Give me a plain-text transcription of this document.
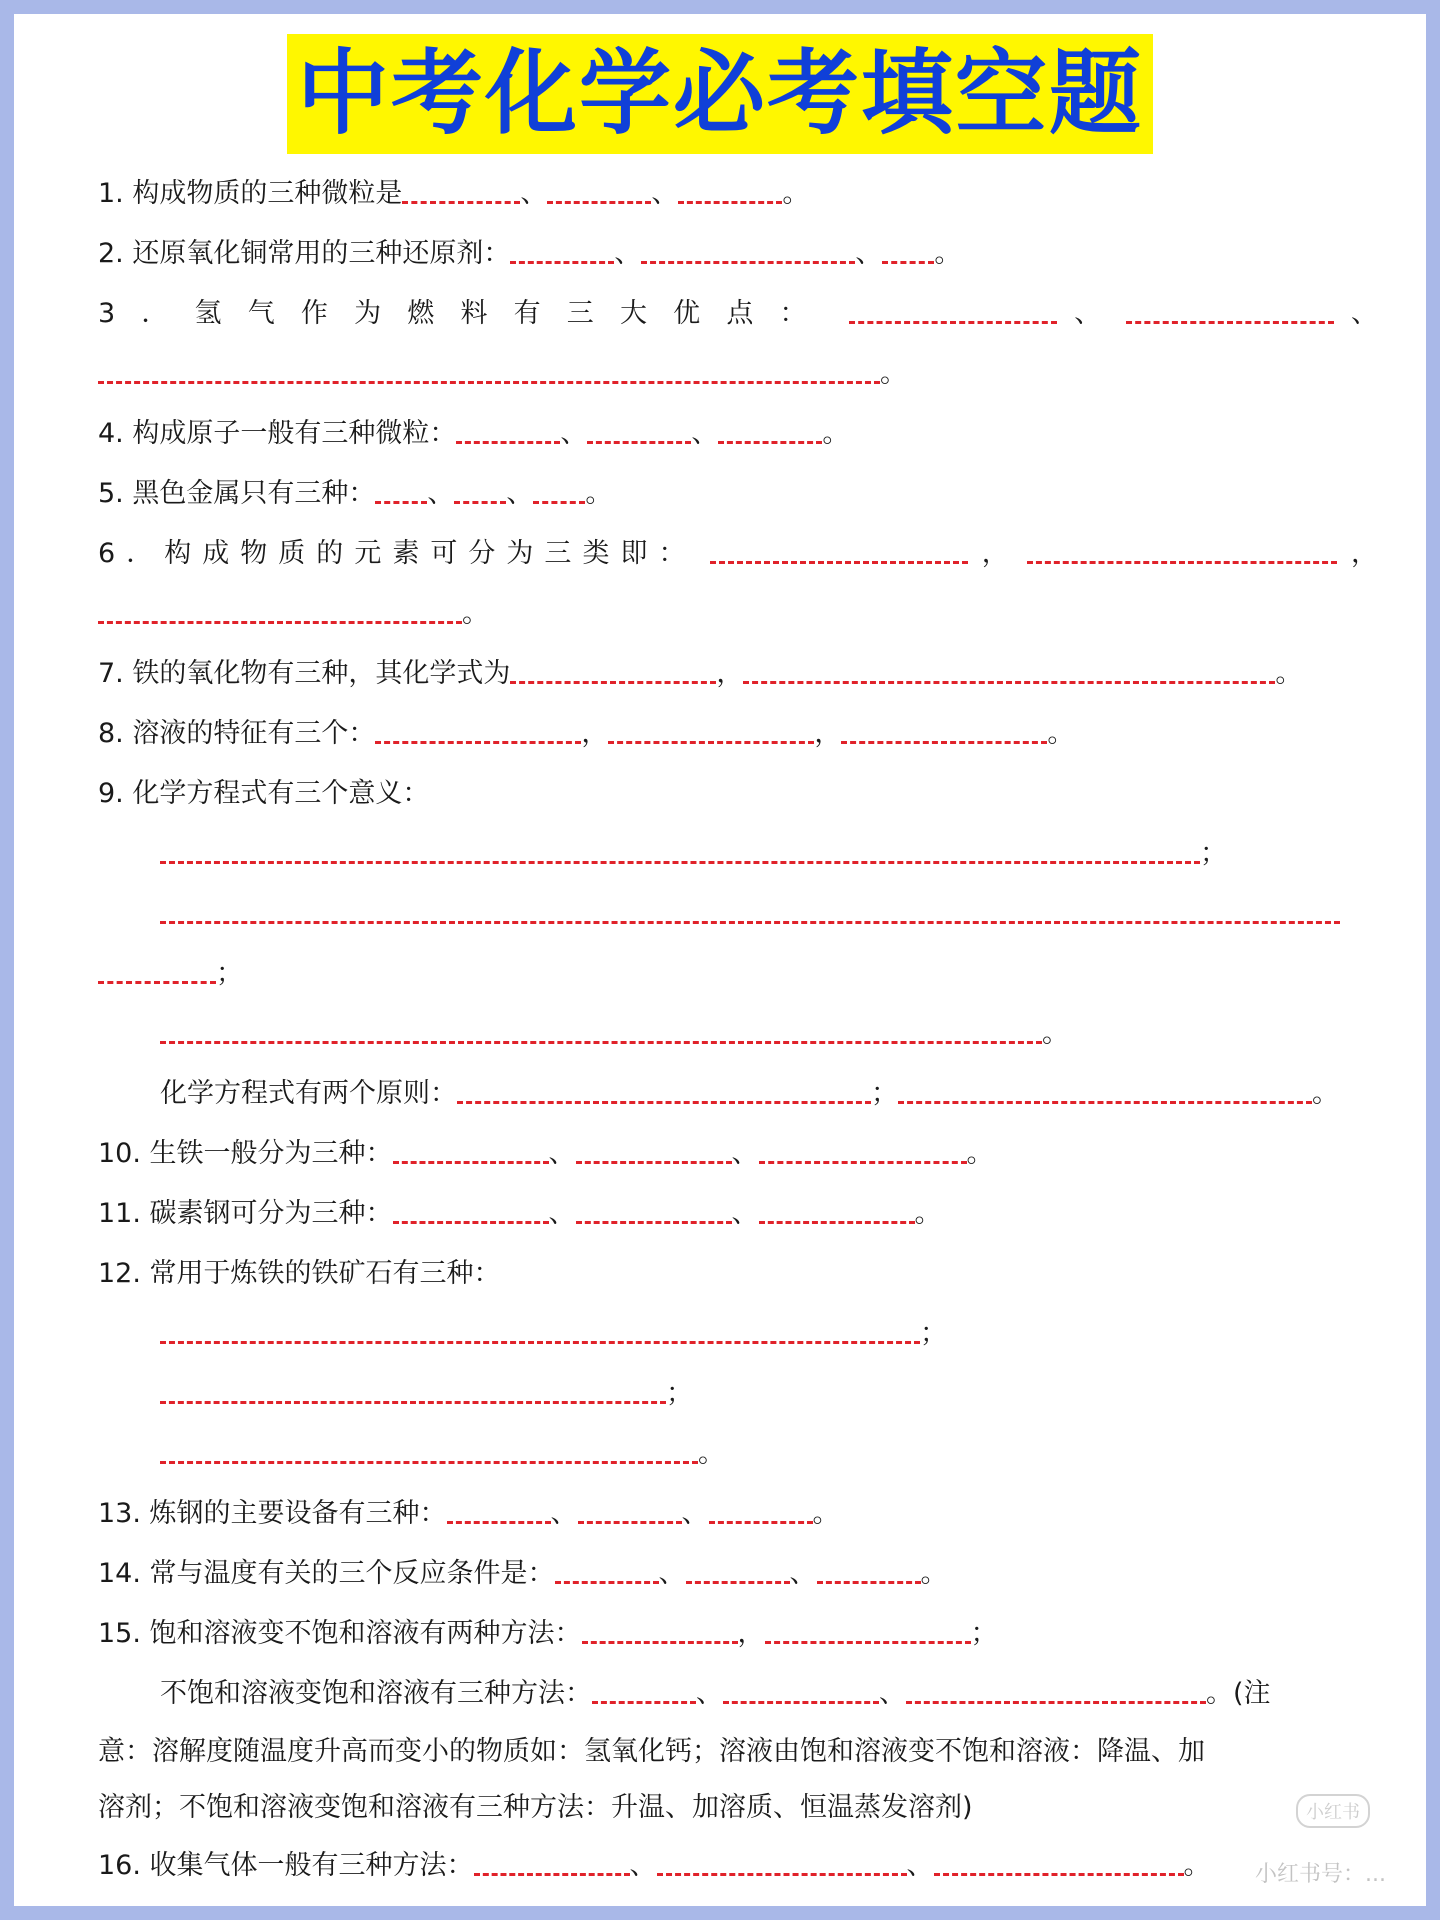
中考化学必考填空题
1. 构成物质的三种微粒是	、	、	。
2. 还原氧化铜常用的三种还原剂：	、	、 。
3．氢气作为燃料有三大优点：	、	、
。
4. 构成原子一般有三种微粒：	、	、	。
5. 黑色金属只有三种： 、 、 。
6．构成物质的元素可分为三类即：	，	，
。
7. 铁的氧化物有三种，其化学式为	，	。
8. 溶液的特征有三个：	，	，	。
9. 化学方程式有三个意义：
；
；
。
化学方程式有两个原则：	；	。
10. 生铁一般分为三种：	、	、	。
11. 碳素钢可分为三种：	、	、	。
12. 常用于炼铁的铁矿石有三种：
；
；
。
13. 炼钢的主要设备有三种：	、	、	。
14. 常与温度有关的三个反应条件是：	、	、	。
15. 饱和溶液变不饱和溶液有两种方法：	，	；
不饱和溶液变饱和溶液有三种方法：	、	、	。(注
意：溶解度随温度升高而变小的物质如：氢氧化钙；溶液由饱和溶液变不饱和溶液：降温、加
溶剂；不饱和溶液变饱和溶液有三种方法：升温、加溶质、恒温蒸发溶剂)
16. 收集气体一般有三种方法：	、	、	。
小红书
小红书号：...
